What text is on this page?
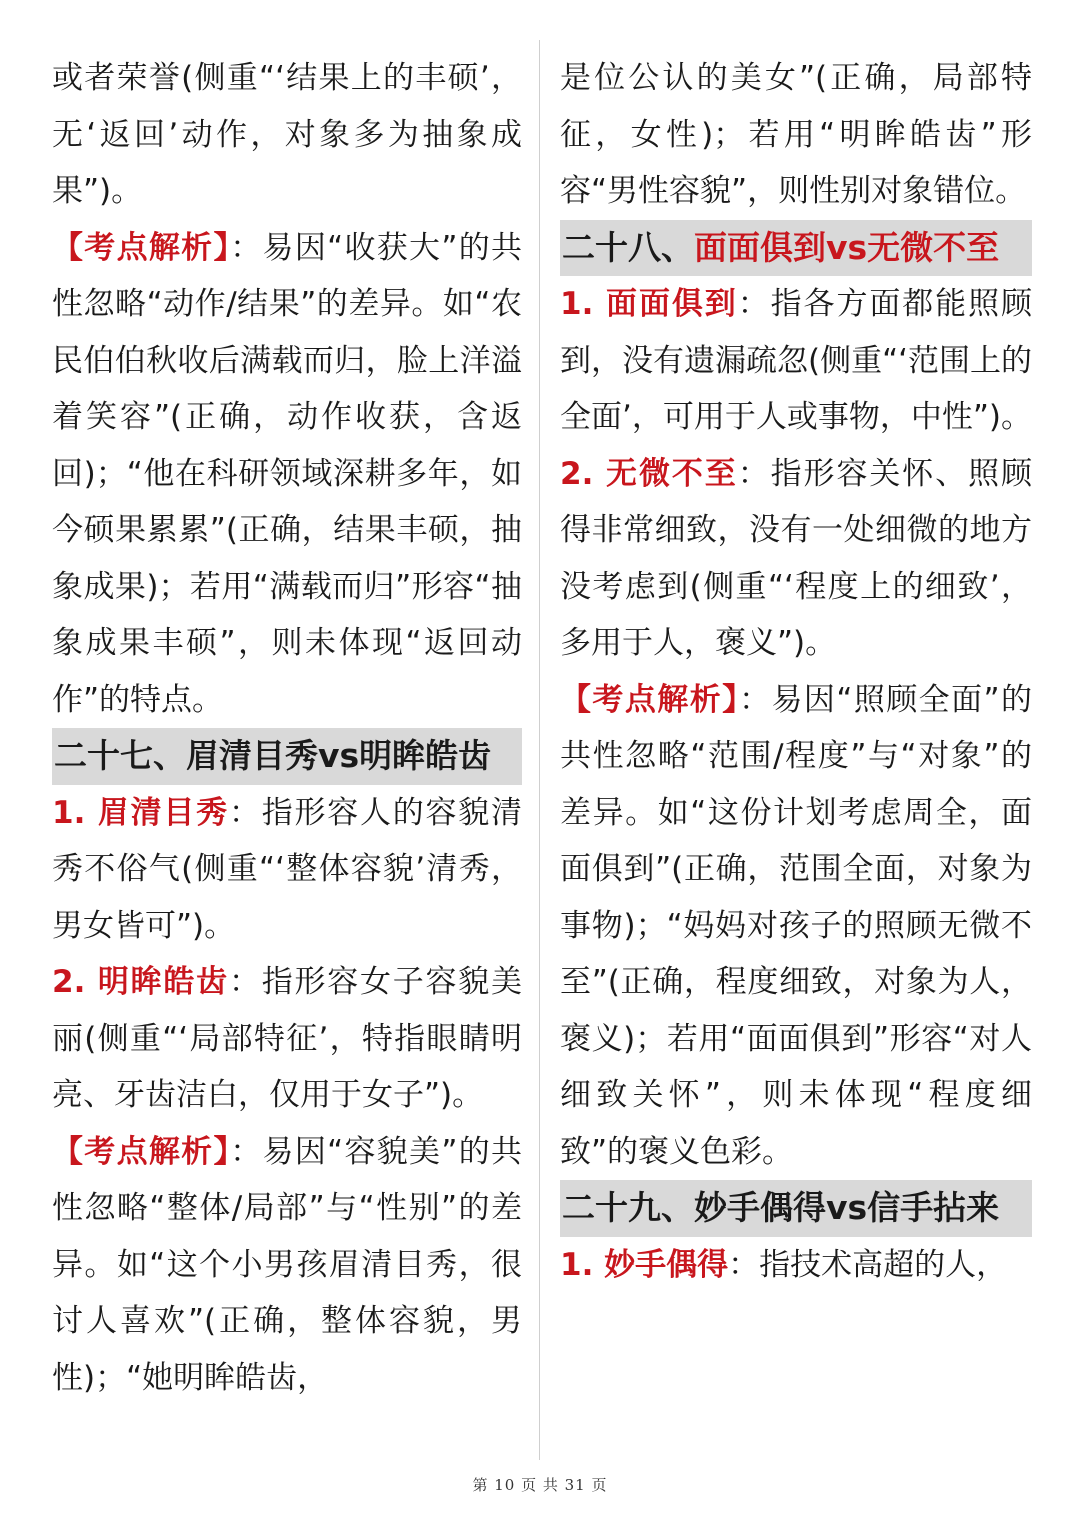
或者荣誉(侧重“‘结果上的丰硕’，无‘返回’动作，对象多为抽象成果”)。

【考点解析】：易因“收获大”的共性忽略“动作/结果”的差异。如“农民伯伯秋收后满载而归，脸上洋溢着笑容”(正确，动作收获，含返回)；“他在科研领域深耕多年，如今硕果累累”(正确，结果丰硕，抽象成果)；若用“满载而归”形容“抽象成果丰硕”，则未体现“返回动作”的特点。

二十七、眉清目秀vs明眸皓齿

1. 眉清目秀：指形容人的容貌清秀不俗气(侧重“‘整体容貌’清秀，男女皆可”)。

2. 明眸皓齿：指形容女子容貌美丽(侧重“‘局部特征’，特指眼睛明亮、牙齿洁白，仅用于女子”)。

【考点解析】：易因“容貌美”的共性忽略“整体/局部”与“性别”的差异。如“这个小男孩眉清目秀，很讨人喜欢”(正确，整体容貌，男性)；“她明眸皓齿，

是位公认的美女”(正确，局部特征，女性)；若用“明眸皓齿”形容“男性容貌”，则性别对象错位。

二十八、面面俱到vs无微不至

1. 面面俱到：指各方面都能照顾到，没有遗漏疏忽(侧重“‘范围上的全面’，可用于人或事物，中性”)。

2. 无微不至：指形容关怀、照顾得非常细致，没有一处细微的地方没考虑到(侧重“‘程度上的细致’，多用于人，褒义”)。

【考点解析】：易因“照顾全面”的共性忽略“范围/程度”与“对象”的差异。如“这份计划考虑周全，面面俱到”(正确，范围全面，对象为事物)；“妈妈对孩子的照顾无微不至”(正确，程度细致，对象为人，褒义)；若用“面面俱到”形容“对人细致关怀”，则未体现“程度细致”的褒义色彩。

二十九、妙手偶得vs信手拈来

1. 妙手偶得：指技术高超的人，

第 10 页 共 31 页
